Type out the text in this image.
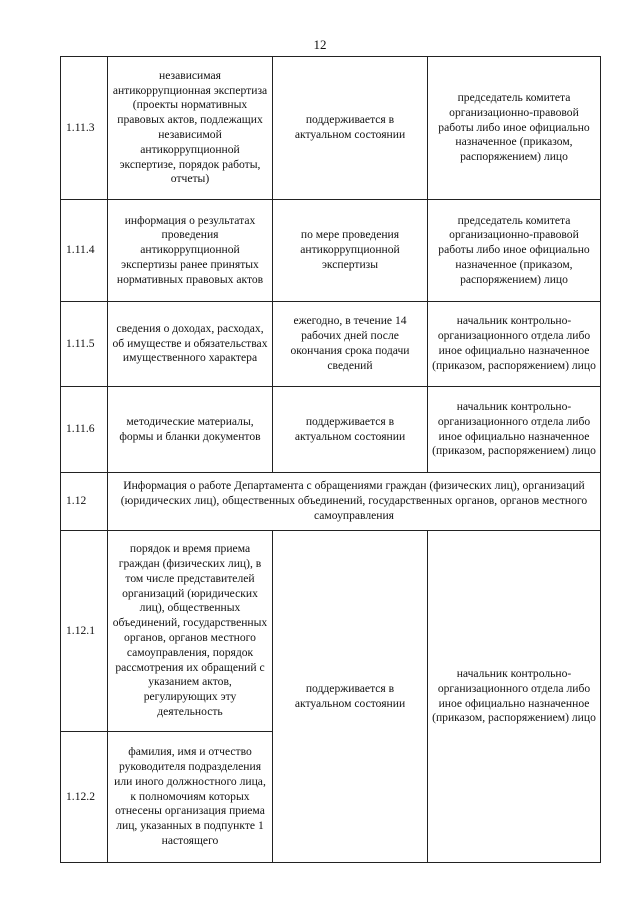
12
1.11.3	независимая антикоррупционная экспертиза (проекты нормативных правовых актов, подлежащих независимой антикоррупционной экспертизе, порядок работы, отчеты)	поддерживается в актуальном состоянии	председатель комитета организационно-правовой работы либо иное официально назначенное (приказом, распоряжением) лицо
1.11.4	информация о результатах проведения антикоррупционной экспертизы ранее принятых нормативных правовых актов	по мере проведения антикоррупционной экспертизы	председатель комитета организационно-правовой работы либо иное официально назначенное (приказом, распоряжением) лицо
1.11.5	сведения о доходах, расходах, об имуществе и обязательствах имущественного характера	ежегодно, в течение 14 рабочих дней после окончания срока подачи сведений	начальник контрольно-организационного отдела либо иное официально назначенное (приказом, распоряжением) лицо
1.11.6	методические материалы, формы и бланки документов	поддерживается в актуальном состоянии	начальник контрольно-организационного отдела либо иное официально назначенное (приказом, распоряжением) лицо
1.12	Информация о работе Департамента с обращениями граждан (физических лиц), организаций (юридических лиц), общественных объединений, государственных органов, органов местного самоуправления		
1.12.1	порядок и время приема граждан (физических лиц), в том числе представителей организаций (юридических лиц), общественных объединений, государственных органов, органов местного самоуправления, порядок рассмотрения их обращений с указанием актов, регулирующих эту деятельность	поддерживается в актуальном состоянии	начальник контрольно-организационного отдела либо иное официально назначенное (приказом, распоряжением) лицо
1.12.2	фамилия, имя и отчество руководителя подразделения или иного должностного лица, к полномочиям которых отнесены организация приема лиц, указанных в подпункте 1 настоящего		
